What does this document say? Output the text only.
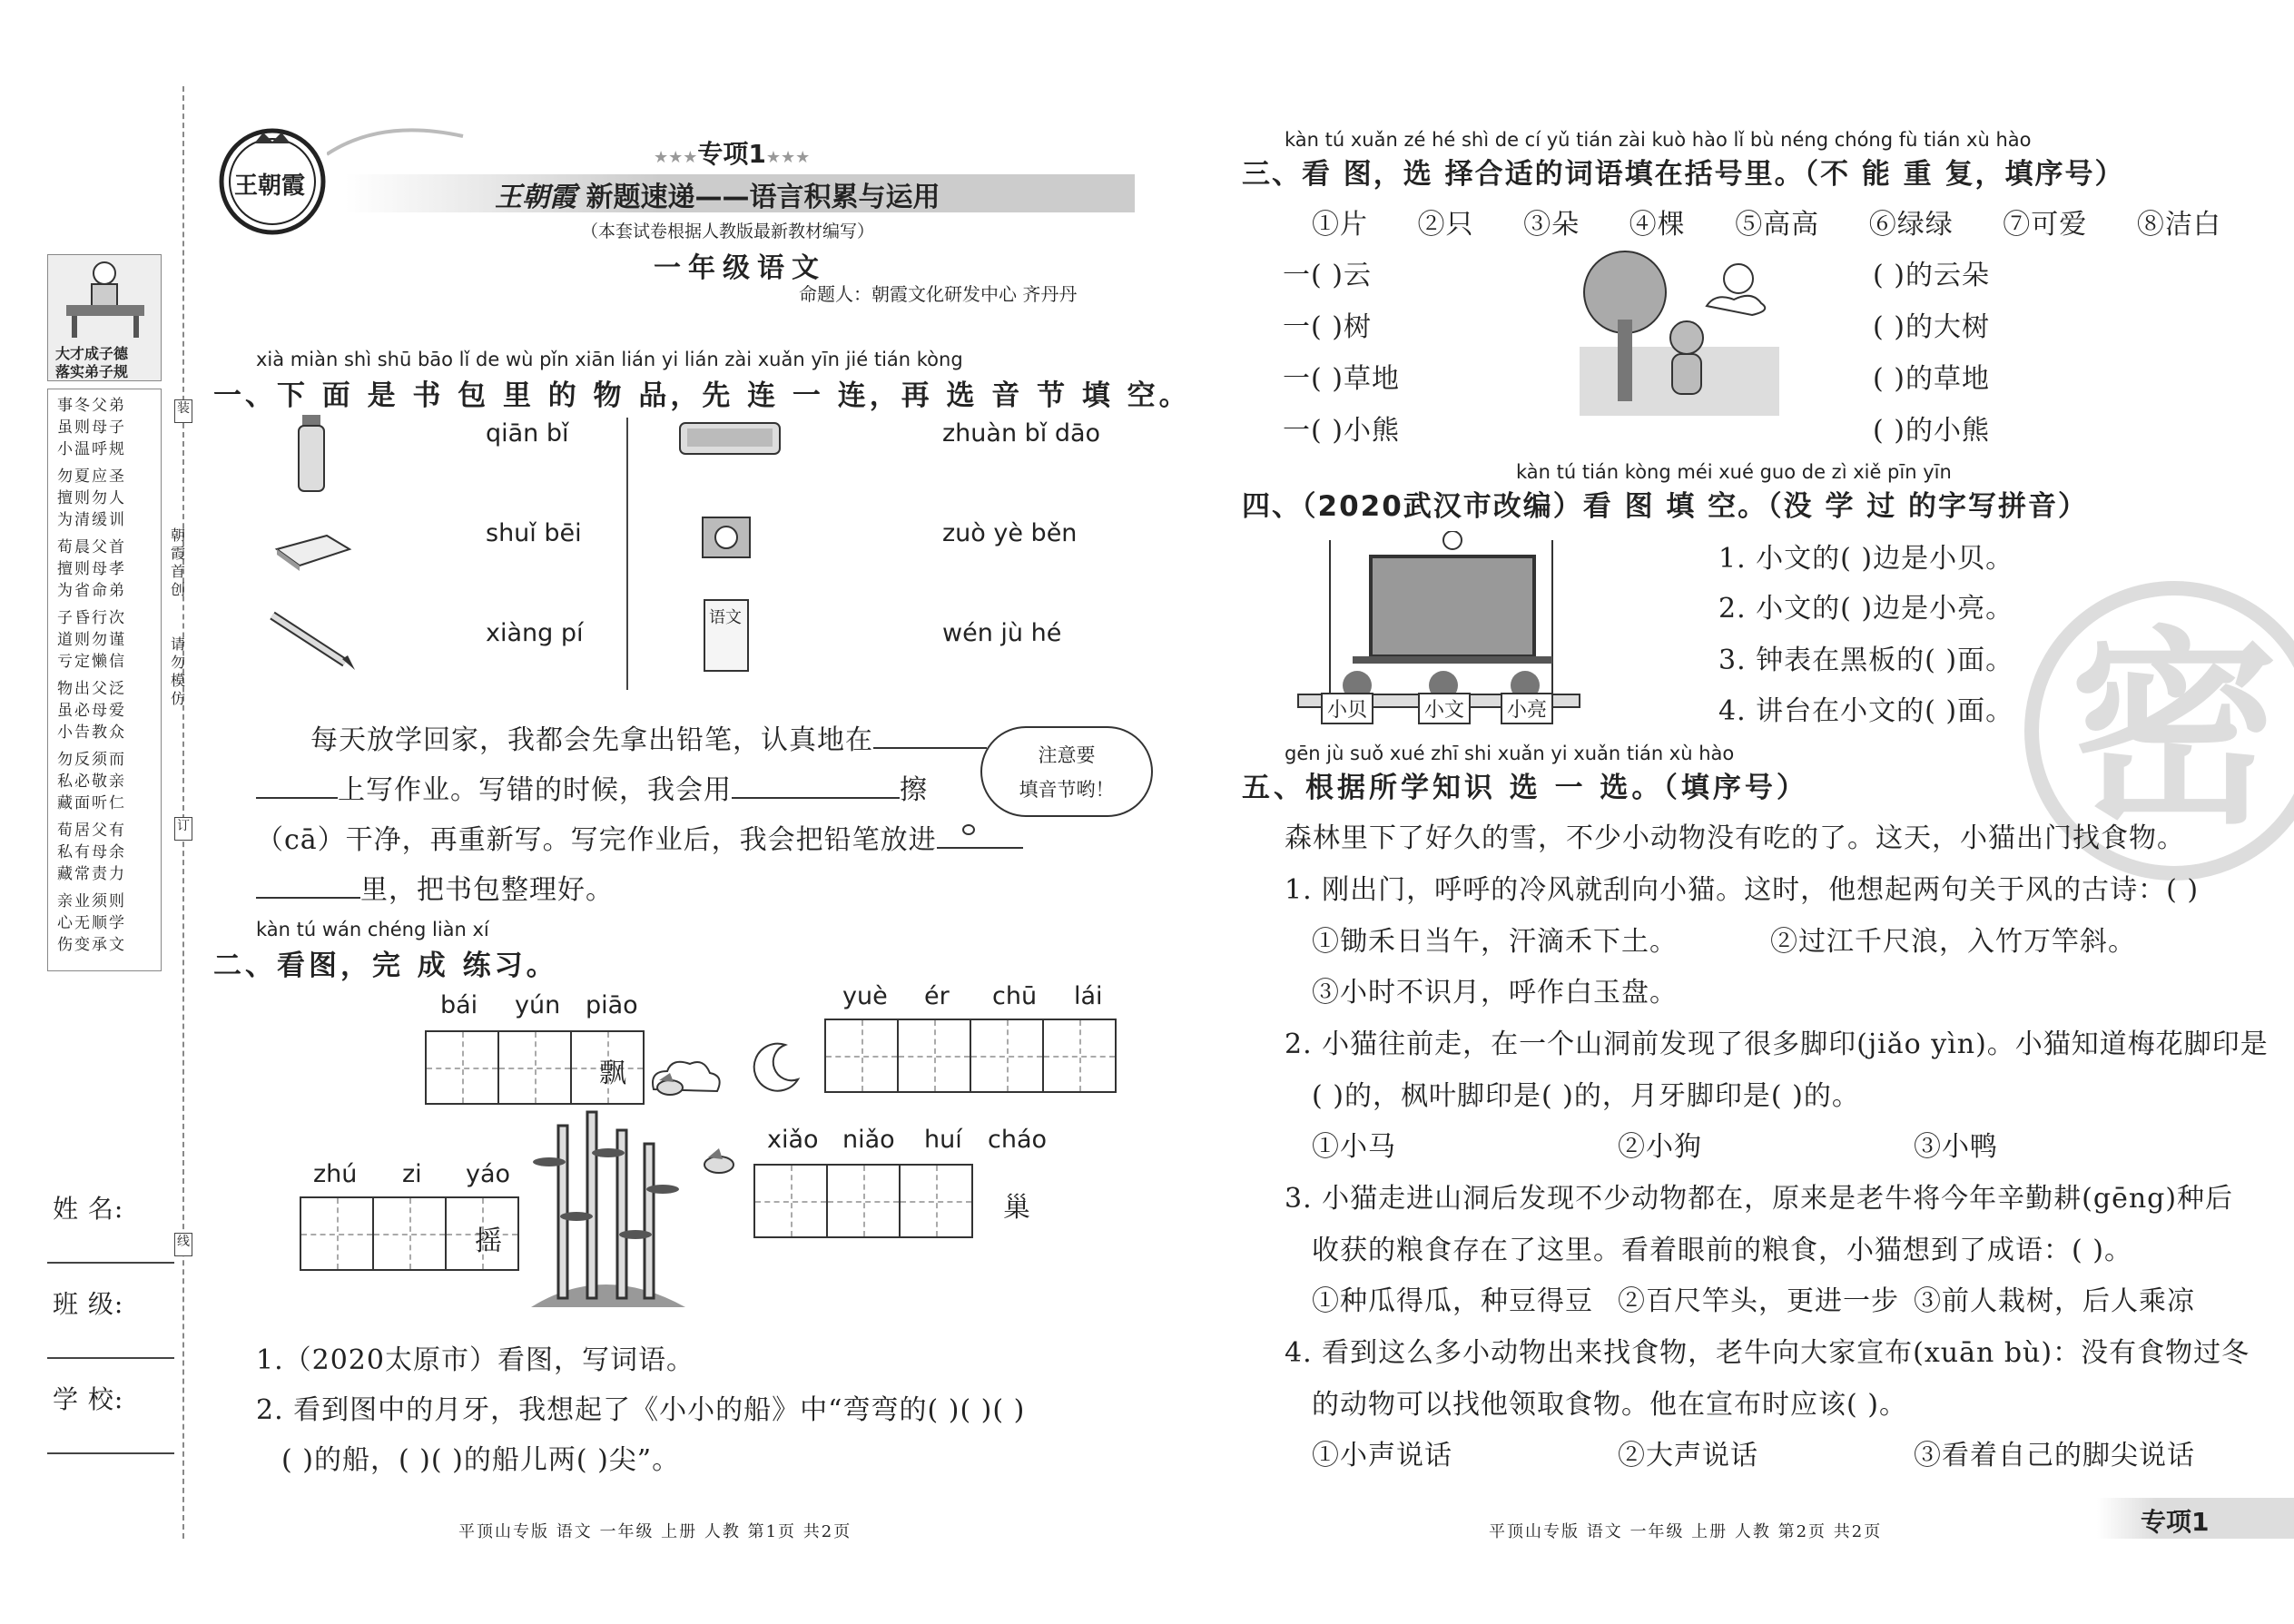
大才成子德
落实弟子规
事冬父弟
虽则母子
小温呼规
勿夏应圣
擅则勿人
为清缓训
荀晨父首
擅则母孝
为省命弟
子昏行次
道则勿谨
亏定懒信
物出父泛
虽必母爱
小告教众
勿反须而
私必敬亲
藏面听仁
荀居父有
私有母余
藏常责力
亲业须则
心无顺学
伤变承文
装
订
线
朝霞首创
请勿模仿
姓 名:
班 级:
学 校:
王朝霞
★★★专项1★★★
王朝霞 新题速递——语言积累与运用
（本套试卷根据人教版最新教材编写）
一年级语文
命题人：朝霞文化研发中心 齐丹丹
xià miàn shì shū bāo lǐ de wù pǐn xiān lián yi lián zài xuǎn yīn jié tián kòng
一、下 面 是 书 包 里 的 物 品，先 连 一 连，再 选 音 节 填 空。
qiān bǐ
shuǐ bēi
xiàng pí
语文
zhuàn bǐ dāo
zuò yè běn
wén jù hé
每天放学回家，我都会先拿出铅笔，认真地在
上写作业。写错的时候，我会用	擦
（cā）干净，再重新写。写完作业后，我会把铅笔放进
里，把书包整理好。
注意要
填音节哟！
kàn tú wán chéng liàn xí
二、看图，完 成 练习。
bái yún piāo
飘
yuè ér chū lái
zhú zi yáo
摇
xiǎo niǎo huí cháo
巢
1.（2020太原市）看图，写词语。
2. 看到图中的月牙，我想起了《小小的船》中“弯弯的( )( )( )
( )的船，( )( )的船儿两( )尖”。
平顶山专版 语文 一年级 上册 人教 第1页 共2页
kàn tú xuǎn zé hé shì de cí yǔ tián zài kuò hào lǐ bù néng chóng fù tián xù hào
三、看 图，选 择合适的词语填在括号里。（不 能 重 复，填序号）
①片 ②只 ③朵 ④棵 ⑤高高 ⑥绿绿 ⑦可爱 ⑧洁白
一( )云
一( )树
一( )草地
一( )小熊
( )的云朵
( )的大树
( )的草地
( )的小熊
kàn tú tián kòng méi xué guo de zì xiě pīn yīn
四、（2020武汉市改编）看 图 填 空。（没 学 过 的字写拼音）
小贝	小文	小亮
1. 小文的( )边是小贝。
2. 小文的( )边是小亮。
3. 钟表在黑板的( )面。
4. 讲台在小文的( )面。 密
gēn jù suǒ xué zhī shi xuǎn yi xuǎn tián xù hào
五、根据所学知识 选 一 选。（填序号）
森林里下了好久的雪，不少小动物没有吃的了。这天，小猫出门找食物。
1. 刚出门，呼呼的冷风就刮向小猫。这时，他想起两句关于风的古诗：( )
①锄禾日当午，汗滴禾下土。	②过江千尺浪，入竹万竿斜。
③小时不识月，呼作白玉盘。
2. 小猫往前走，在一个山洞前发现了很多脚印(jiǎo yìn)。小猫知道梅花脚印是
( )的，枫叶脚印是( )的，月牙脚印是( )的。
①小马	②小狗	③小鸭
3. 小猫走进山洞后发现不少动物都在，原来是老牛将今年辛勤耕(gēng)种后
收获的粮食存在了这里。看着眼前的粮食，小猫想到了成语：( )。
①种瓜得瓜，种豆得豆 ②百尺竿头，更进一步 ③前人栽树，后人乘凉
4. 看到这么多小动物出来找食物，老牛向大家宣布(xuān bù)：没有食物过冬
的动物可以找他领取食物。他在宣布时应该( )。
①小声说话	②大声说话	③看着自己的脚尖说话
平顶山专版 语文 一年级 上册 人教 第2页 共2页	专项1
